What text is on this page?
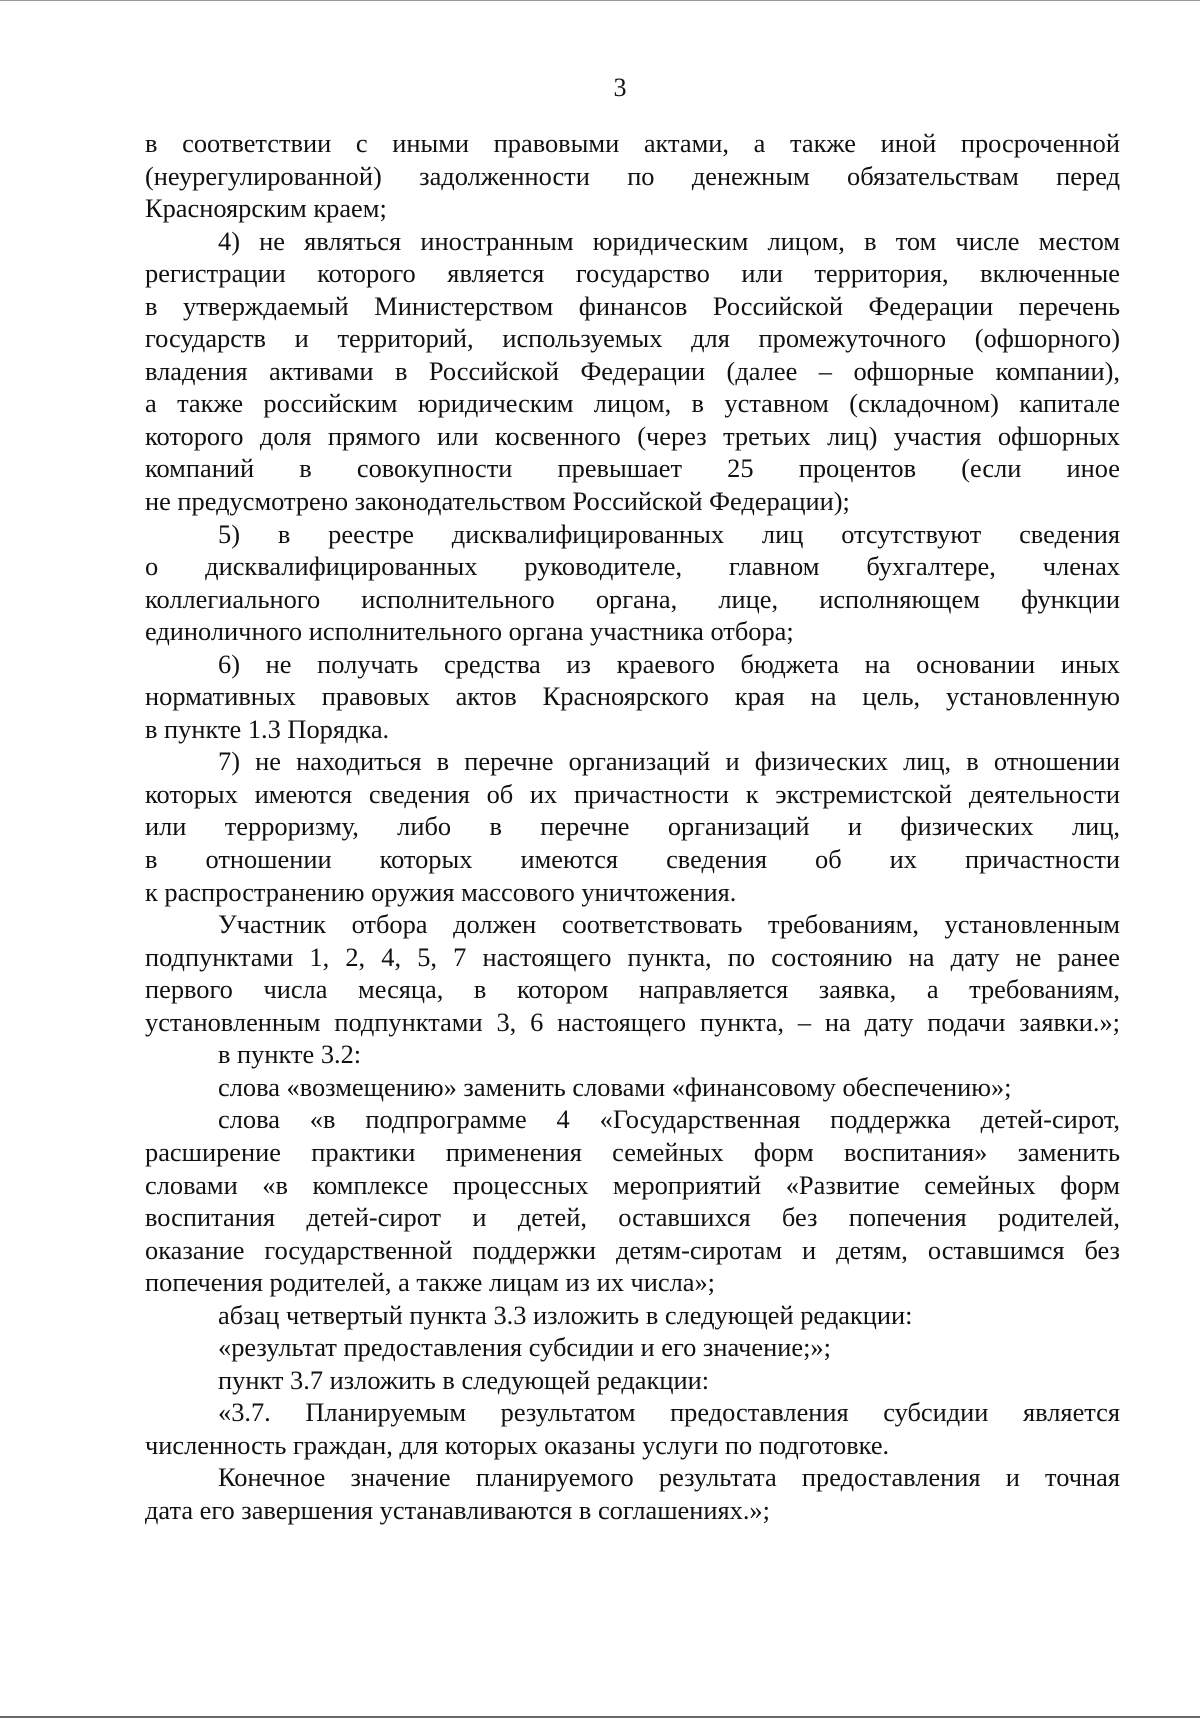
3
в соответствии с иными правовыми актами, а также иной просроченной
(неурегулированной) задолженности по денежным обязательствам перед
Красноярским краем;
4) не являться иностранным юридическим лицом, в том числе местом
регистрации которого является государство или территория, включенные
в утверждаемый Министерством финансов Российской Федерации перечень
государств и территорий, используемых для промежуточного (офшорного)
владения активами в Российской Федерации (далее – офшорные компании),
а также российским юридическим лицом, в уставном (складочном) капитале
которого доля прямого или косвенного (через третьих лиц) участия офшорных
компаний в совокупности превышает 25 процентов (если иное
не предусмотрено законодательством Российской Федерации);
5) в реестре дисквалифицированных лиц отсутствуют сведения
о дисквалифицированных руководителе, главном бухгалтере, членах
коллегиального исполнительного органа, лице, исполняющем функции
единоличного исполнительного органа участника отбора;
6) не получать средства из краевого бюджета на основании иных
нормативных правовых актов Красноярского края на цель, установленную
в пункте 1.3 Порядка.
7) не находиться в перечне организаций и физических лиц, в отношении
которых имеются сведения об их причастности к экстремистской деятельности
или терроризму, либо в перечне организаций и физических лиц,
в отношении которых имеются сведения об их причастности
к распространению оружия массового уничтожения.
Участник отбора должен соответствовать требованиям, установленным
подпунктами 1, 2, 4, 5, 7 настоящего пункта, по состоянию на дату не ранее
первого числа месяца, в котором направляется заявка, а требованиям,
установленным подпунктами 3, 6 настоящего пункта, – на дату подачи заявки.»;
в пункте 3.2:
слова «возмещению» заменить словами «финансовому обеспечению»;
слова «в подпрограмме 4 «Государственная поддержка детей-сирот,
расширение практики применения семейных форм воспитания» заменить
словами «в комплексе процессных мероприятий «Развитие семейных форм
воспитания детей-сирот и детей, оставшихся без попечения родителей,
оказание государственной поддержки детям-сиротам и детям, оставшимся без
попечения родителей, а также лицам из их числа»;
абзац четвертый пункта 3.3 изложить в следующей редакции:
«результат предоставления субсидии и его значение;»;
пункт 3.7 изложить в следующей редакции:
«3.7. Планируемым результатом предоставления субсидии является
численность граждан, для которых оказаны услуги по подготовке.
Конечное значение планируемого результата предоставления и точная
дата его завершения устанавливаются в соглашениях.»;
